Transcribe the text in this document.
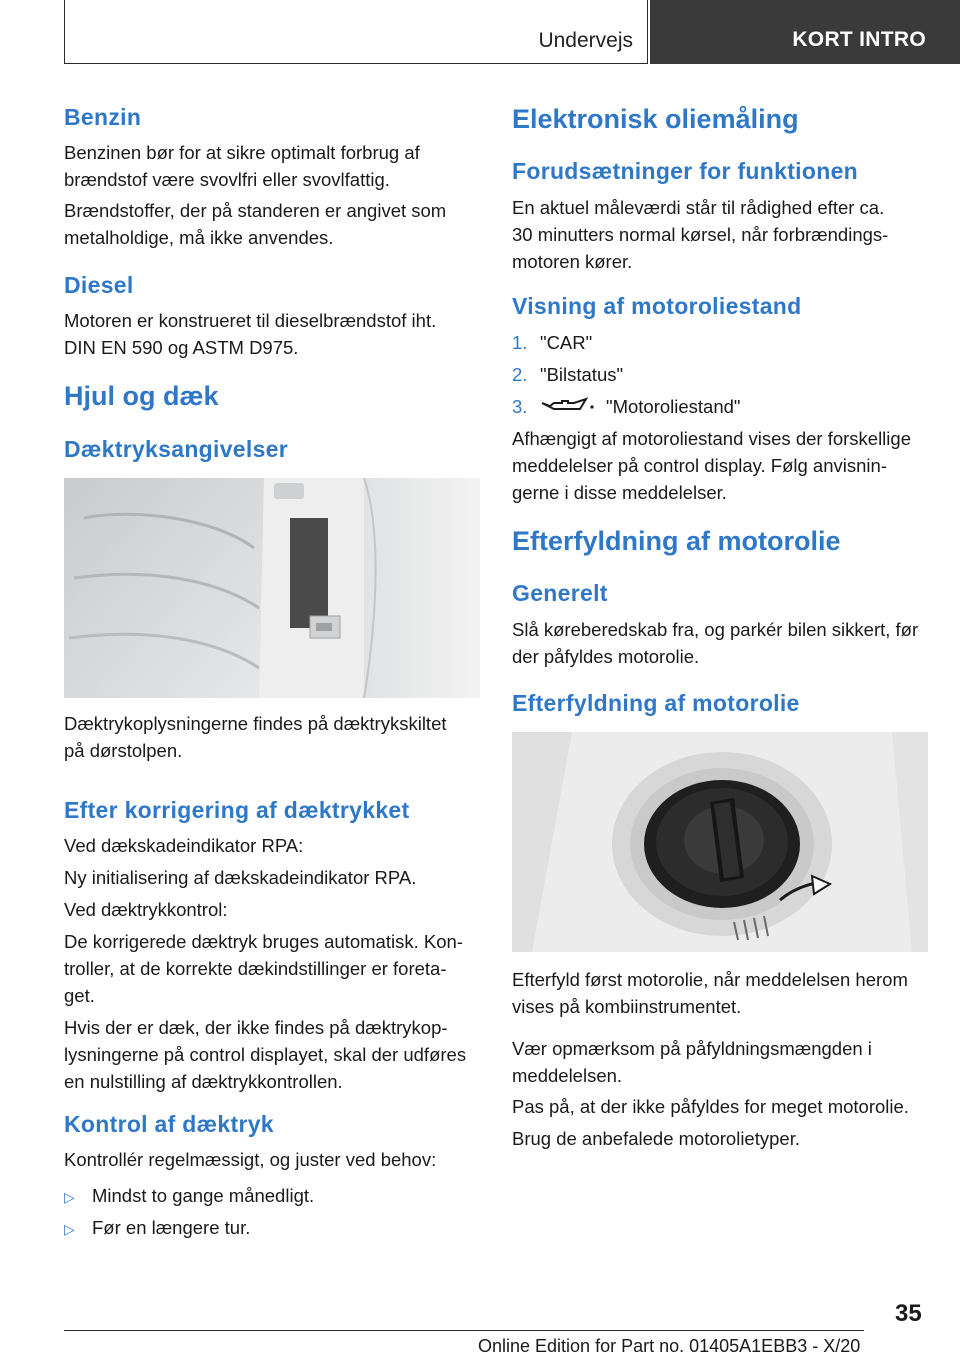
Undervejs	KORT INTRO
Benzin

Benzinen bør for at sikre optimalt forbrug af

brændstof være svovlfri eller svovlfattig.

Brændstoffer, der på standeren er angivet som

metalholdige, må ikke anvendes.

Diesel

Motoren er konstrueret til dieselbrændstof iht.

DIN EN 590 og ASTM D975.

Hjul og dæk
Dæktryksangivelser

Dæktrykoplysningerne findes på dæktrykskiltet

på dørstolpen.

Efter korrigering af dæktrykket

Ved dækskadeindikator RPA:

Ny initialisering af dækskadeindikator RPA.

Ved dæktrykkontrol:

De korrigerede dæktryk bruges automatisk. Kon‐

troller, at de korrekte dækindstillinger er foreta‐

get.

Hvis der er dæk, der ikke findes på dæktrykop‐

lysningerne på control displayet, skal der udføres

en nulstilling af dæktrykkontrollen.

Kontrol af dæktryk

Kontrollér regelmæssigt, og juster ved behov:

▷ Mindst to gange månedligt.

▷ Før en længere tur.

Elektronisk oliemåling
Forudsætninger for funktionen

En aktuel måleværdi står til rådighed efter ca.

30 minutters normal kørsel, når forbrændings‐

motoren kører.

Visning af motoroliestand

1. "CAR"

2. "Bilstatus"

3.	"Motoroliestand"

Afhængigt af motoroliestand vises der forskellige

meddelelser på control display. Følg anvisnin‐

gerne i disse meddelelser.

Efterfyldning af motorolie
Generelt

Slå køreberedskab fra, og parkér bilen sikkert, før

der påfyldes motorolie.

Efterfyldning af motorolie

Efterfyld først motorolie, når meddelelsen herom

vises på kombiinstrumentet.

Vær opmærksom på påfyldningsmængden i

meddelelsen.

Pas på, at der ikke påfyldes for meget motorolie.

Brug de anbefalede motorolietyper.

35
Online Edition for Part no. 01405A1EBB3 - X/20
